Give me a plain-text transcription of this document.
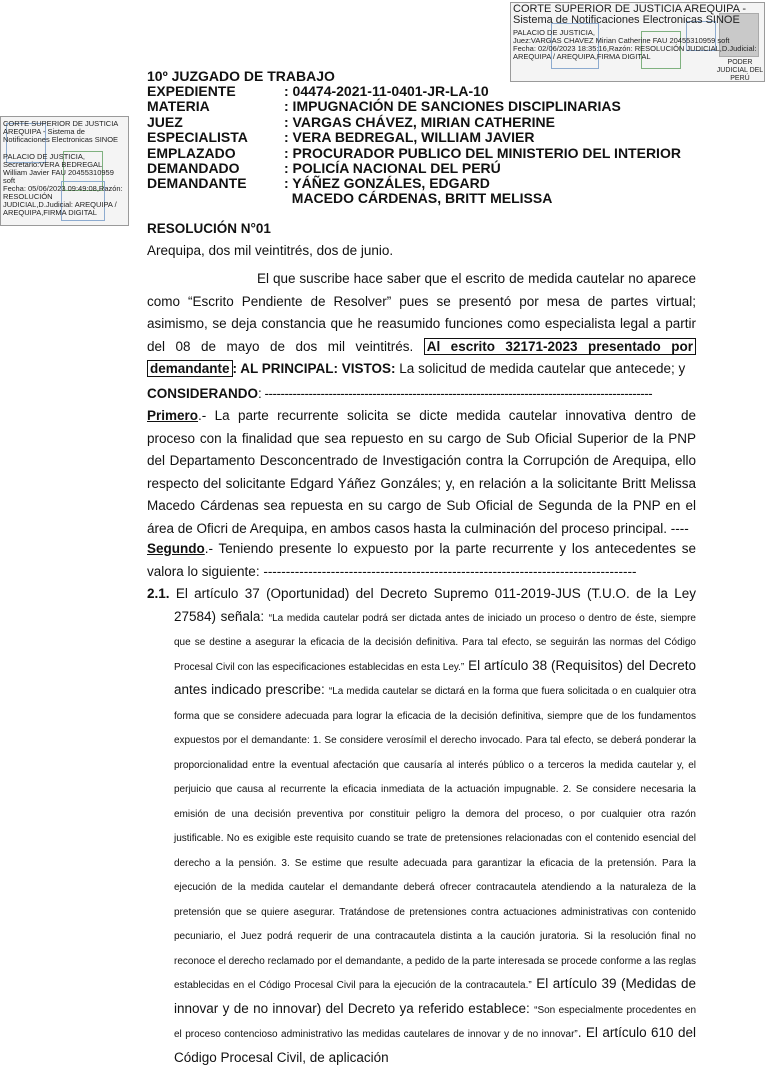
CORTE SUPERIOR DE JUSTICIA AREQUIPA -
Sistema de Notificaciones Electronicas SINOE
PALACIO DE JUSTICIA,
Juez:VARGAS CHAVEZ Mirian Catherine FAU 20455310959 soft
Fecha: 02/06/2023 18:35:16,Razón: RESOLUCIÓN JUDICIAL,D.Judicial:
AREQUIPA / AREQUIPA,FIRMA DIGITAL
PODER JUDICIAL DEL PERÚ
CORTE SUPERIOR DE JUSTICIA
AREQUIPA - Sistema de
Notificaciones Electronicas SINOE
PALACIO DE JUSTICIA,
Secretario:VERA BEDREGAL
William Javier FAU 20455310959
soft
Fecha: 05/06/2023 09:49:08,Razón:
RESOLUCIÓN
JUDICIAL,D.Judicial: AREQUIPA /
AREQUIPA,FIRMA DIGITAL
10º JUZGADO DE TRABAJO
EXPEDIENTE	: 04474-2021-11-0401-JR-LA-10
MATERIA	: IMPUGNACIÓN DE SANCIONES DISCIPLINARIAS
JUEZ	: VARGAS CHÁVEZ, MIRIAN CATHERINE
ESPECIALISTA	: VERA BEDREGAL, WILLIAM JAVIER
EMPLAZADO	: PROCURADOR PUBLICO DEL MINISTERIO DEL INTERIOR
DEMANDADO	: POLICÍA NACIONAL DEL PERÚ
DEMANDANTE	: YÁÑEZ GONZÁLES, EDGARD
MACEDO CÁRDENAS, BRITT MELISSA
RESOLUCIÓN N°01
Arequipa, dos mil veintitrés, dos de junio.
El que suscribe hace saber que el escrito de medida cautelar no aparece como “Escrito Pendiente de Resolver” pues se presentó por mesa de partes virtual; asimismo, se deja constancia que he reasumido funciones como especialista legal a partir del 08 de mayo de dos mil veintitrés. Al escrito 32171-2023 presentado por demandante : AL PRINCIPAL: VISTOS: La solicitud de medida cautelar que antecede; y
CONSIDERANDO: -------------------------------------------------------------------------------------------------
Primero.- La parte recurrente solicita se dicte medida cautelar innovativa dentro de proceso con la finalidad que sea repuesto en su cargo de Sub Oficial Superior de la PNP del Departamento Desconcentrado de Investigación contra la Corrupción de Arequipa, ello respecto del solicitante Edgard Yáñez Gonzáles; y, en relación a la solicitante Britt Melissa Macedo Cárdenas sea repuesta en su cargo de Sub Oficial de Segunda de la PNP en el área de Oficri de Arequipa, en ambos casos hasta la culminación del proceso principal. ----
Segundo.- Teniendo presente lo expuesto por la parte recurrente y los antecedentes se valora lo siguiente: -----------------------------------------------------------------------------------
2.1. El artículo 37 (Oportunidad) del Decreto Supremo 011-2019-JUS (T.U.O. de la Ley 27584) señala: “La medida cautelar podrá ser dictada antes de iniciado un proceso o dentro de éste, siempre que se destine a asegurar la eficacia de la decisión definitiva. Para tal efecto, se seguirán las normas del Código Procesal Civil con las especificaciones establecidas en esta Ley.” El artículo 38 (Requisitos) del Decreto antes indicado prescribe: “La medida cautelar se dictará en la forma que fuera solicitada o en cualquier otra forma que se considere adecuada para lograr la eficacia de la decisión definitiva, siempre que de los fundamentos expuestos por el demandante: 1. Se considere verosímil el derecho invocado. Para tal efecto, se deberá ponderar la proporcionalidad entre la eventual afectación que causaría al interés público o a terceros la medida cautelar y, el perjuicio que causa al recurrente la eficacia inmediata de la actuación impugnable. 2. Se considere necesaria la emisión de una decisión preventiva por constituir peligro la demora del proceso, o por cualquier otra razón justificable. No es exigible este requisito cuando se trate de pretensiones relacionadas con el contenido esencial del derecho a la pensión. 3. Se estime que resulte adecuada para garantizar la eficacia de la pretensión. Para la ejecución de la medida cautelar el demandante deberá ofrecer contracautela atendiendo a la naturaleza de la pretensión que se quiere asegurar. Tratándose de pretensiones contra actuaciones administrativas con contenido pecuniario, el Juez podrá requerir de una contracautela distinta a la caución juratoria. Si la resolución final no reconoce el derecho reclamado por el demandante, a pedido de la parte interesada se procede conforme a las reglas establecidas en el Código Procesal Civil para la ejecución de la contracautela.” El artículo 39 (Medidas de innovar y de no innovar) del Decreto ya referido establece: “Son especialmente procedentes en el proceso contencioso administrativo las medidas cautelares de innovar y de no innovar”. El artículo 610 del Código Procesal Civil, de aplicación
